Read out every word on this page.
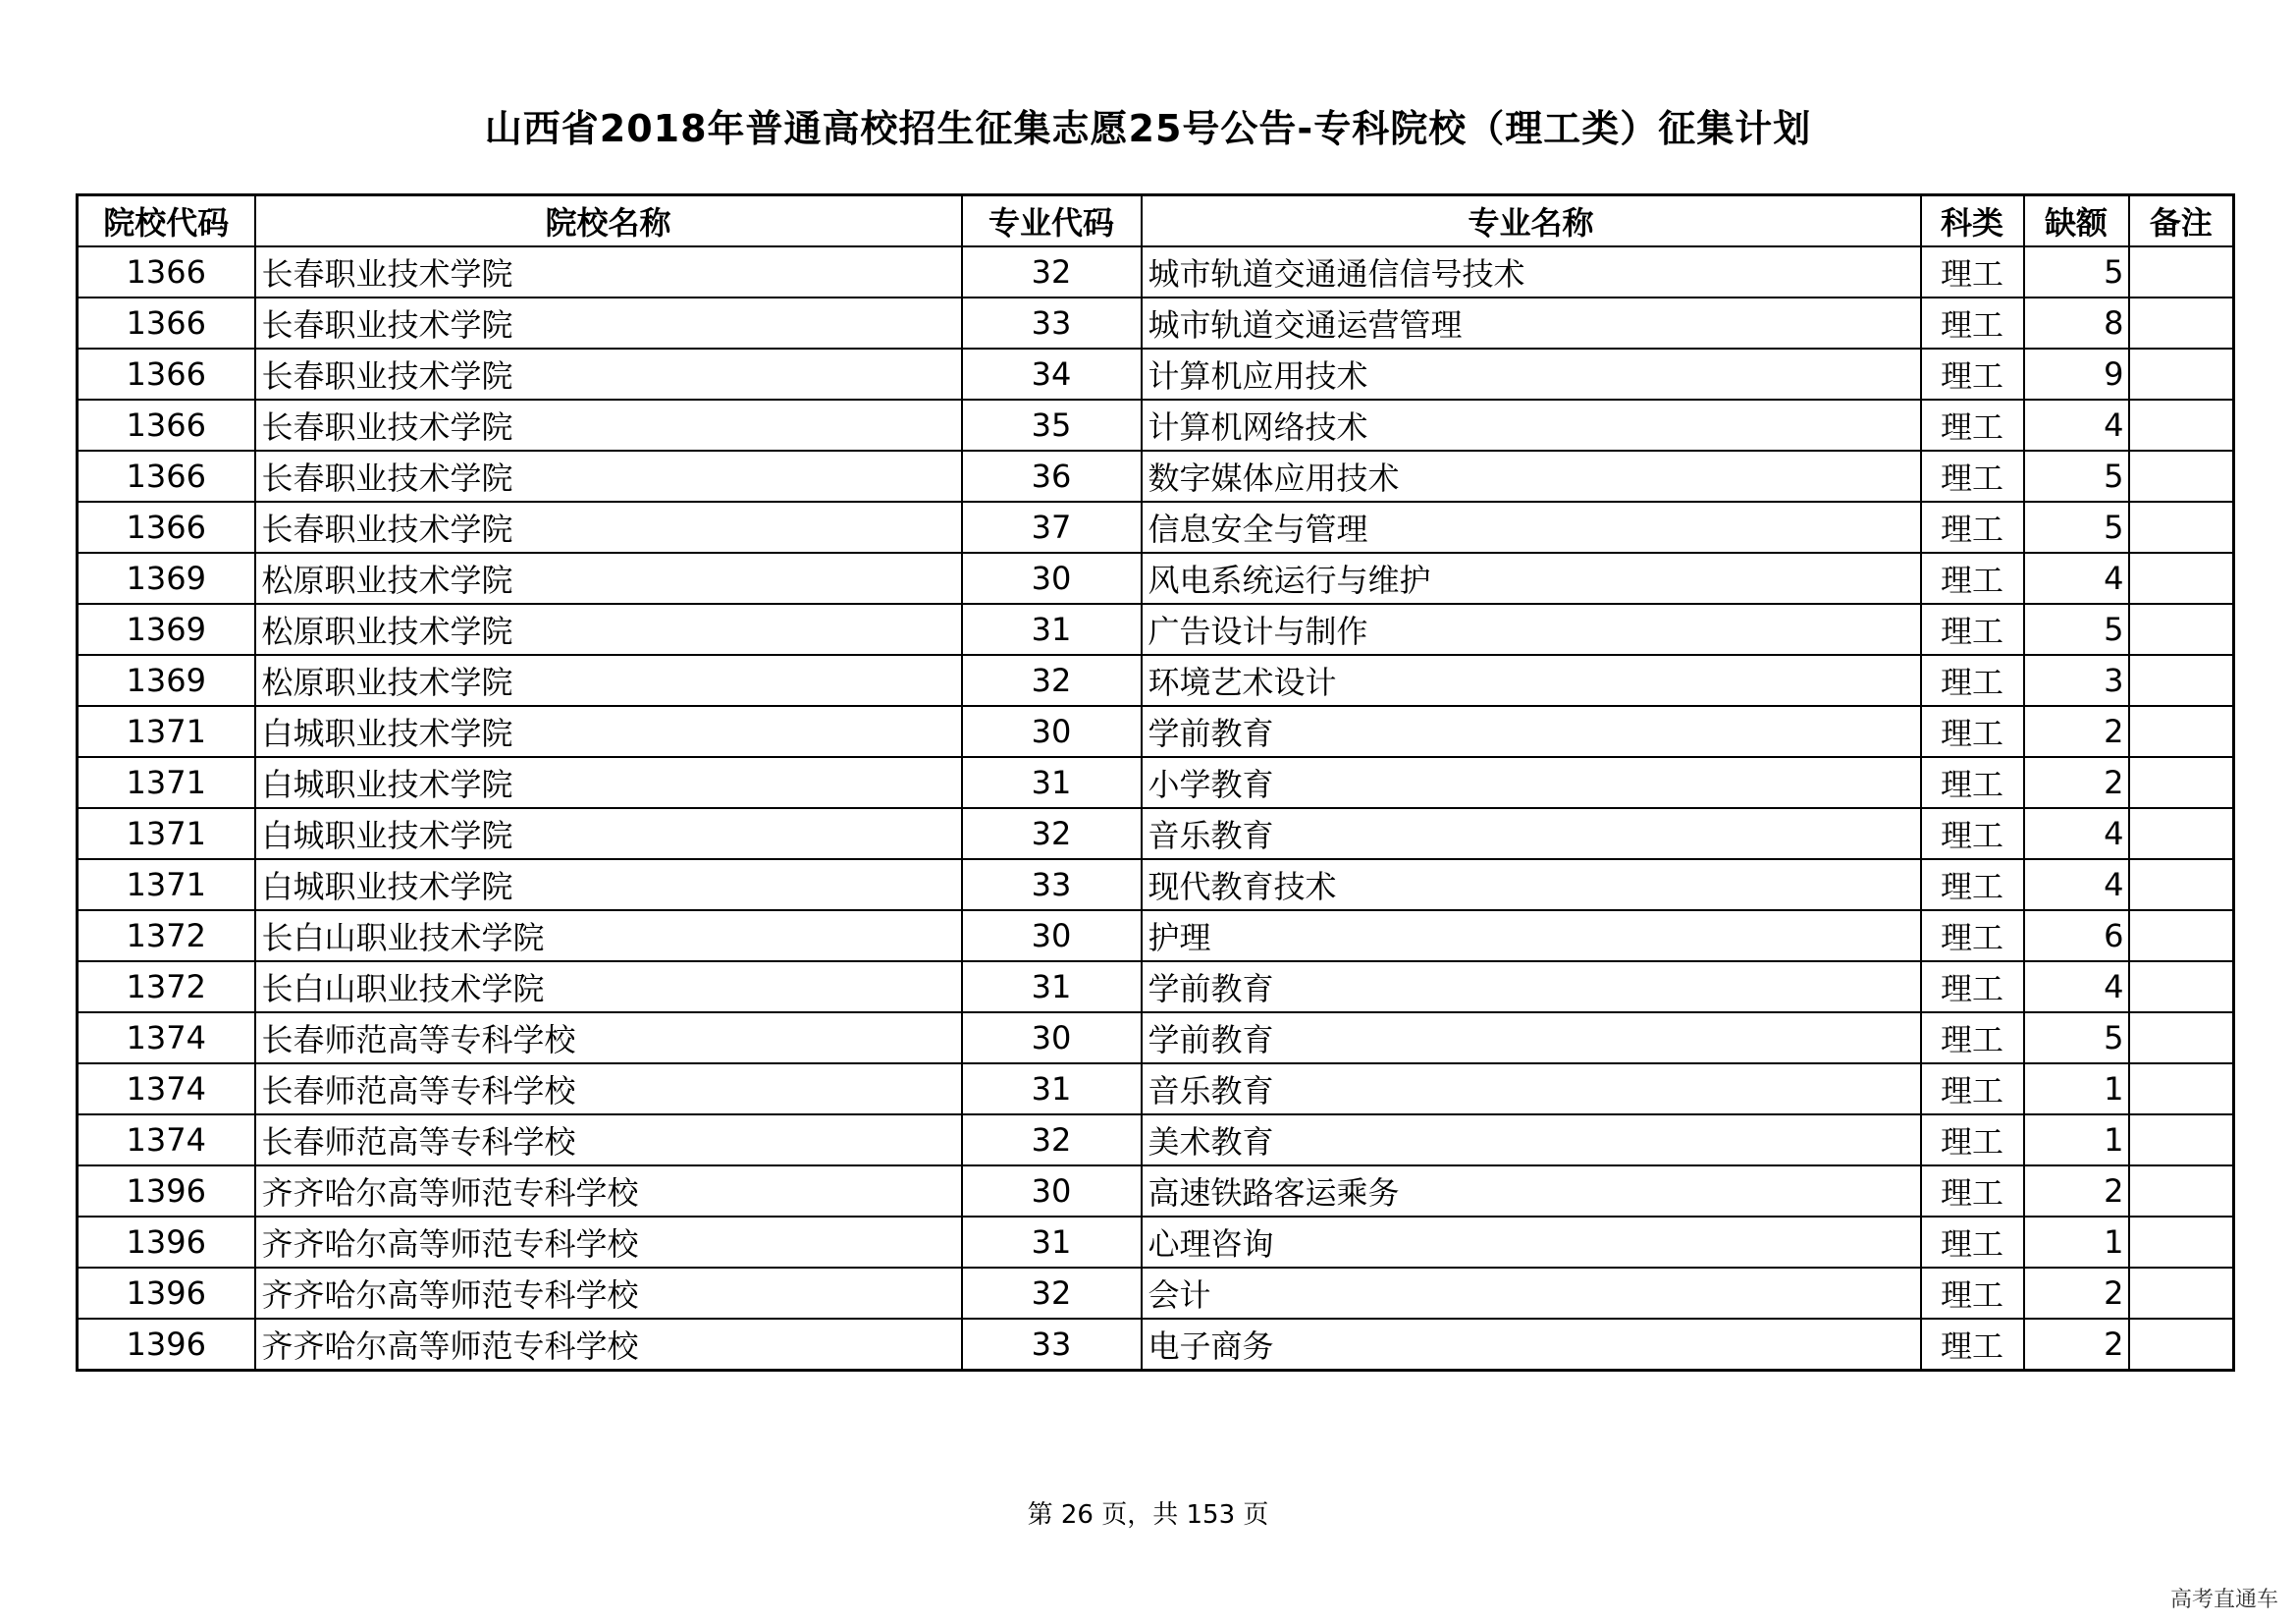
山西省2018年普通高校招生征集志愿25号公告-专科院校（理工类）征集计划
院校代码	院校名称	专业代码	专业名称	科类	缺额	备注
1366	长春职业技术学院	32	城市轨道交通通信信号技术	理工	5	
1366	长春职业技术学院	33	城市轨道交通运营管理	理工	8	
1366	长春职业技术学院	34	计算机应用技术	理工	9	
1366	长春职业技术学院	35	计算机网络技术	理工	4	
1366	长春职业技术学院	36	数字媒体应用技术	理工	5	
1366	长春职业技术学院	37	信息安全与管理	理工	5	
1369	松原职业技术学院	30	风电系统运行与维护	理工	4	
1369	松原职业技术学院	31	广告设计与制作	理工	5	
1369	松原职业技术学院	32	环境艺术设计	理工	3	
1371	白城职业技术学院	30	学前教育	理工	2	
1371	白城职业技术学院	31	小学教育	理工	2	
1371	白城职业技术学院	32	音乐教育	理工	4	
1371	白城职业技术学院	33	现代教育技术	理工	4	
1372	长白山职业技术学院	30	护理	理工	6	
1372	长白山职业技术学院	31	学前教育	理工	4	
1374	长春师范高等专科学校	30	学前教育	理工	5	
1374	长春师范高等专科学校	31	音乐教育	理工	1	
1374	长春师范高等专科学校	32	美术教育	理工	1	
1396	齐齐哈尔高等师范专科学校	30	高速铁路客运乘务	理工	2	
1396	齐齐哈尔高等师范专科学校	31	心理咨询	理工	1	
1396	齐齐哈尔高等师范专科学校	32	会计	理工	2	
1396	齐齐哈尔高等师范专科学校	33	电子商务	理工	2	
第 26 页，共 153 页
高考直通车
